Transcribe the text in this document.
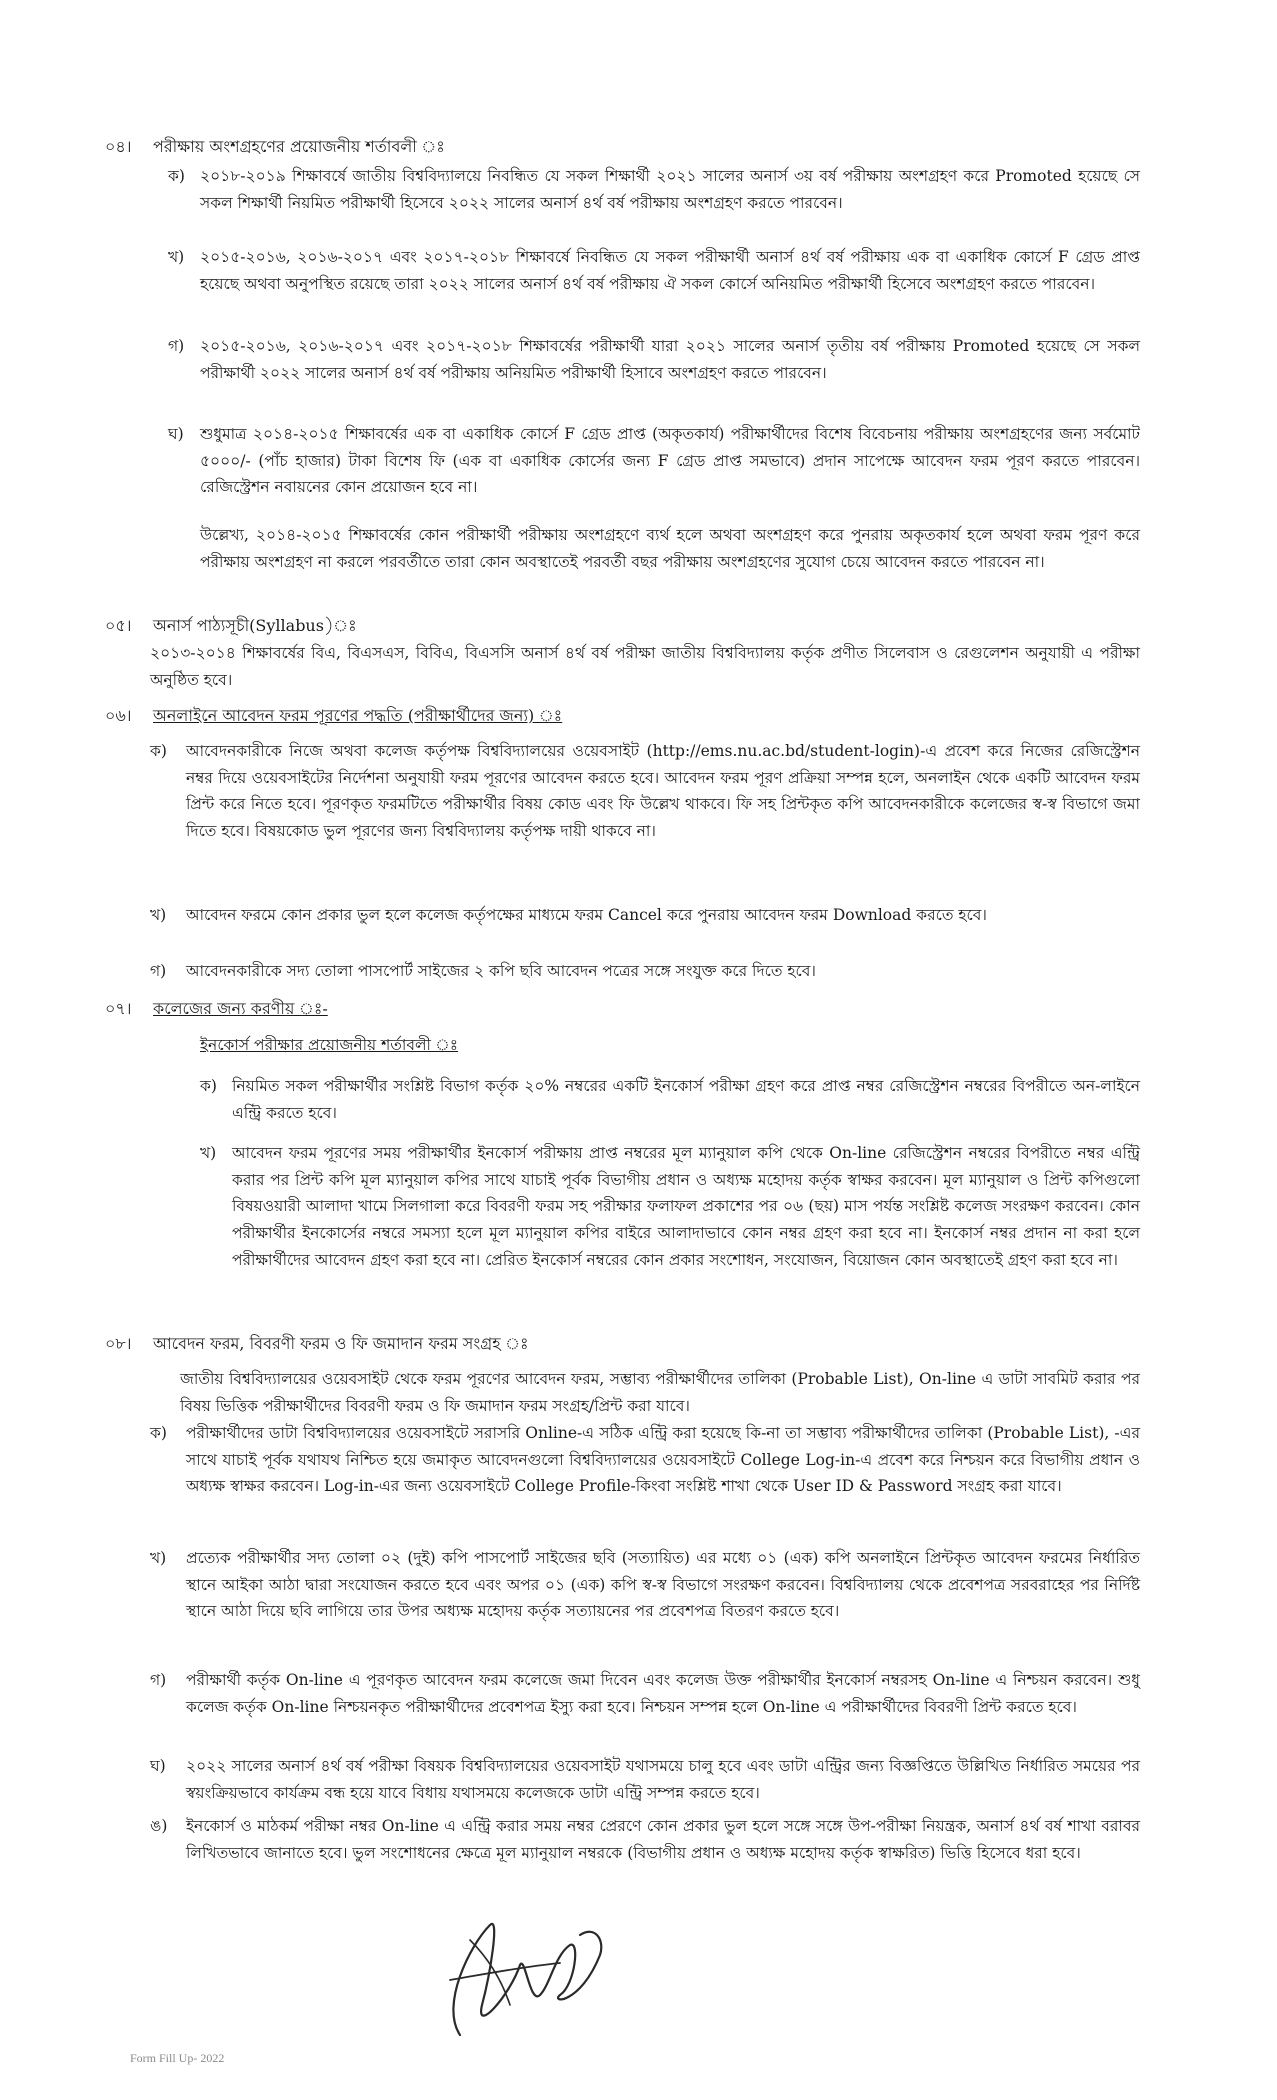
০৪। পরীক্ষায় অংশগ্রহণের প্রয়োজনীয় শর্তাবলী ঃ
ক) ২০১৮-২০১৯ শিক্ষাবর্ষে জাতীয় বিশ্ববিদ্যালয়ে নিবন্ধিত যে সকল শিক্ষার্থী ২০২১ সালের অনার্স ৩য় বর্ষ পরীক্ষায় অংশগ্রহণ করে Promoted হয়েছে সে সকল শিক্ষার্থী নিয়মিত পরীক্ষার্থী হিসেবে ২০২২ সালের অনার্স ৪র্থ বর্ষ পরীক্ষায় অংশগ্রহণ করতে পারবেন।
খ) ২০১৫-২০১৬, ২০১৬-২০১৭ এবং ২০১৭-২০১৮ শিক্ষাবর্ষে নিবন্ধিত যে সকল পরীক্ষার্থী অনার্স ৪র্থ বর্ষ পরীক্ষায় এক বা একাধিক কোর্সে F গ্রেড প্রাপ্ত হয়েছে অথবা অনুপস্থিত রয়েছে তারা ২০২২ সালের অনার্স ৪র্থ বর্ষ পরীক্ষায় ঐ সকল কোর্সে অনিয়মিত পরীক্ষার্থী হিসেবে অংশগ্রহণ করতে পারবেন।
গ) ২০১৫-২০১৬, ২০১৬-২০১৭ এবং ২০১৭-২০১৮ শিক্ষাবর্ষের পরীক্ষার্থী যারা ২০২১ সালের অনার্স তৃতীয় বর্ষ পরীক্ষায় Promoted হয়েছে সে সকল পরীক্ষার্থী ২০২২ সালের অনার্স ৪র্থ বর্ষ পরীক্ষায় অনিয়মিত পরীক্ষার্থী হিসাবে অংশগ্রহণ করতে পারবেন।
ঘ) শুধুমাত্র ২০১৪-২০১৫ শিক্ষাবর্ষের এক বা একাধিক কোর্সে F গ্রেড প্রাপ্ত (অকৃতকার্য) পরীক্ষার্থীদের বিশেষ বিবেচনায় পরীক্ষায় অংশগ্রহণের জন্য সর্বমোট ৫০০০/- (পাঁচ হাজার) টাকা বিশেষ ফি (এক বা একাধিক কোর্সের জন্য F গ্রেড প্রাপ্ত সমভাবে) প্রদান সাপেক্ষে আবেদন ফরম পূরণ করতে পারবেন। রেজিস্ট্রেশন নবায়নের কোন প্রয়োজন হবে না।
উল্লেখ্য, ২০১৪-২০১৫ শিক্ষাবর্ষের কোন পরীক্ষার্থী পরীক্ষায় অংশগ্রহণে ব্যর্থ হলে অথবা অংশগ্রহণ করে পুনরায় অকৃতকার্য হলে অথবা ফরম পূরণ করে পরীক্ষায় অংশগ্রহণ না করলে পরবর্তীতে তারা কোন অবস্থাতেই পরবর্তী বছর পরীক্ষায় অংশগ্রহণের সুযোগ চেয়ে আবেদন করতে পারবেন না।
০৫। অনার্স পাঠ্যসূচী(Syllabus)ঃ
২০১৩-২০১৪ শিক্ষাবর্ষের বিএ, বিএসএস, বিবিএ, বিএসসি অনার্স ৪র্থ বর্ষ পরীক্ষা জাতীয় বিশ্ববিদ্যালয় কর্তৃক প্রণীত সিলেবাস ও রেগুলেশন অনুযায়ী এ পরীক্ষা অনুষ্ঠিত হবে।
০৬। অনলাইনে আবেদন ফরম পূরণের পদ্ধতি (পরীক্ষার্থীদের জন্য) ঃ
ক) আবেদনকারীকে নিজে অথবা কলেজ কর্তৃপক্ষ বিশ্ববিদ্যালয়ের ওয়েবসাইট (http://ems.nu.ac.bd/student-login)-এ প্রবেশ করে নিজের রেজিস্ট্রেশন নম্বর দিয়ে ওয়েবসাইটের নির্দেশনা অনুযায়ী ফরম পূরণের আবেদন করতে হবে। আবেদন ফরম পূরণ প্রক্রিয়া সম্পন্ন হলে, অনলাইন থেকে একটি আবেদন ফরম প্রিন্ট করে নিতে হবে। পূরণকৃত ফরমটিতে পরীক্ষার্থীর বিষয় কোড এবং ফি উল্লেখ থাকবে। ফি সহ প্রিন্টকৃত কপি আবেদনকারীকে কলেজের স্ব-স্ব বিভাগে জমা দিতে হবে। বিষয়কোড ভুল পূরণের জন্য বিশ্ববিদ্যালয় কর্তৃপক্ষ দায়ী থাকবে না।
খ) আবেদন ফরমে কোন প্রকার ভুল হলে কলেজ কর্তৃপক্ষের মাধ্যমে ফরম Cancel করে পুনরায় আবেদন ফরম Download করতে হবে।
গ) আবেদনকারীকে সদ্য তোলা পাসপোর্ট সাইজের ২ কপি ছবি আবেদন পত্রের সঙ্গে সংযুক্ত করে দিতে হবে।
০৭। কলেজের জন্য করণীয় ঃ-
ইনকোর্স পরীক্ষার প্রয়োজনীয় শর্তাবলী ঃ
ক) নিয়মিত সকল পরীক্ষার্থীর সংশ্লিষ্ট বিভাগ কর্তৃক ২০% নম্বরের একটি ইনকোর্স পরীক্ষা গ্রহণ করে প্রাপ্ত নম্বর রেজিস্ট্রেশন নম্বরের বিপরীতে অন-লাইনে এন্ট্রি করতে হবে।
খ) আবেদন ফরম পূরণের সময় পরীক্ষার্থীর ইনকোর্স পরীক্ষায় প্রাপ্ত নম্বরের মূল ম্যানুয়াল কপি থেকে On-line রেজিস্ট্রেশন নম্বরের বিপরীতে নম্বর এন্ট্রি করার পর প্রিন্ট কপি মূল ম্যানুয়াল কপির সাথে যাচাই পূর্বক বিভাগীয় প্রধান ও অধ্যক্ষ মহোদয় কর্তৃক স্বাক্ষর করবেন। মূল ম্যানুয়াল ও প্রিন্ট কপিগুলো বিষয়ওয়ারী আলাদা খামে সিলগালা করে বিবরণী ফরম সহ পরীক্ষার ফলাফল প্রকাশের পর ০৬ (ছয়) মাস পর্যন্ত সংশ্লিষ্ট কলেজ সংরক্ষণ করবেন। কোন পরীক্ষার্থীর ইনকোর্সের নম্বরে সমস্যা হলে মূল ম্যানুয়াল কপির বাইরে আলাদাভাবে কোন নম্বর গ্রহণ করা হবে না। ইনকোর্স নম্বর প্রদান না করা হলে পরীক্ষার্থীদের আবেদন গ্রহণ করা হবে না। প্রেরিত ইনকোর্স নম্বরের কোন প্রকার সংশোধন, সংযোজন, বিয়োজন কোন অবস্থাতেই গ্রহণ করা হবে না।
০৮। আবেদন ফরম, বিবরণী ফরম ও ফি জমাদান ফরম সংগ্রহ ঃ
জাতীয় বিশ্ববিদ্যালয়ের ওয়েবসাইট থেকে ফরম পূরণের আবেদন ফরম, সম্ভাব্য পরীক্ষার্থীদের তালিকা (Probable List), On-line এ ডাটা সাবমিট করার পর বিষয় ভিত্তিক পরীক্ষার্থীদের বিবরণী ফরম ও ফি জমাদান ফরম সংগ্রহ/প্রিন্ট করা যাবে।
ক) পরীক্ষার্থীদের ডাটা বিশ্ববিদ্যালয়ের ওয়েবসাইটে সরাসরি Online-এ সঠিক এন্ট্রি করা হয়েছে কি-না তা সম্ভাব্য পরীক্ষার্থীদের তালিকা (Probable List), -এর সাথে যাচাই পূর্বক যথাযথ নিশ্চিত হয়ে জমাকৃত আবেদনগুলো বিশ্ববিদ্যালয়ের ওয়েবসাইটে College Log-in-এ প্রবেশ করে নিশ্চয়ন করে বিভাগীয় প্রধান ও অধ্যক্ষ স্বাক্ষর করবেন। Log-in-এর জন্য ওয়েবসাইটে College Profile-কিংবা সংশ্লিষ্ট শাখা থেকে User ID & Password সংগ্রহ করা যাবে।
খ) প্রত্যেক পরীক্ষার্থীর সদ্য তোলা ০২ (দুই) কপি পাসপোর্ট সাইজের ছবি (সত্যায়িত) এর মধ্যে ০১ (এক) কপি অনলাইনে প্রিন্টকৃত আবেদন ফরমের নির্ধারিত স্থানে আইকা আঠা দ্বারা সংযোজন করতে হবে এবং অপর ০১ (এক) কপি স্ব-স্ব বিভাগে সংরক্ষণ করবেন। বিশ্ববিদ্যালয় থেকে প্রবেশপত্র সরবরাহের পর নির্দিষ্ট স্থানে আঠা দিয়ে ছবি লাগিয়ে তার উপর অধ্যক্ষ মহোদয় কর্তৃক সত্যায়নের পর প্রবেশপত্র বিতরণ করতে হবে।
গ) পরীক্ষার্থী কর্তৃক On-line এ পূরণকৃত আবেদন ফরম কলেজে জমা দিবেন এবং কলেজ উক্ত পরীক্ষার্থীর ইনকোর্স নম্বরসহ On-line এ নিশ্চয়ন করবেন। শুধু কলেজ কর্তৃক On-line নিশ্চয়নকৃত পরীক্ষার্থীদের প্রবেশপত্র ইস্যু করা হবে। নিশ্চয়ন সম্পন্ন হলে On-line এ পরীক্ষার্থীদের বিবরণী প্রিন্ট করতে হবে।
ঘ) ২০২২ সালের অনার্স ৪র্থ বর্ষ পরীক্ষা বিষয়ক বিশ্ববিদ্যালয়ের ওয়েবসাইট যথাসময়ে চালু হবে এবং ডাটা এন্ট্রির জন্য বিজ্ঞপ্তিতে উল্লিখিত নির্ধারিত সময়ের পর স্বয়ংক্রিয়ভাবে কার্যক্রম বন্ধ হয়ে যাবে বিধায় যথাসময়ে কলেজকে ডাটা এন্ট্রি সম্পন্ন করতে হবে।
ঙ) ইনকোর্স ও মাঠকর্ম পরীক্ষা নম্বর On-line এ এন্ট্রি করার সময় নম্বর প্রেরণে কোন প্রকার ভুল হলে সঙ্গে সঙ্গে উপ-পরীক্ষা নিয়ন্ত্রক, অনার্স ৪র্থ বর্ষ শাখা বরাবর লিখিতভাবে জানাতে হবে। ভুল সংশোধনের ক্ষেত্রে মূল ম্যানুয়াল নম্বরকে (বিভাগীয় প্রধান ও অধ্যক্ষ মহোদয় কর্তৃক স্বাক্ষরিত) ভিত্তি হিসেবে ধরা হবে।
Form Fill Up- 2022
